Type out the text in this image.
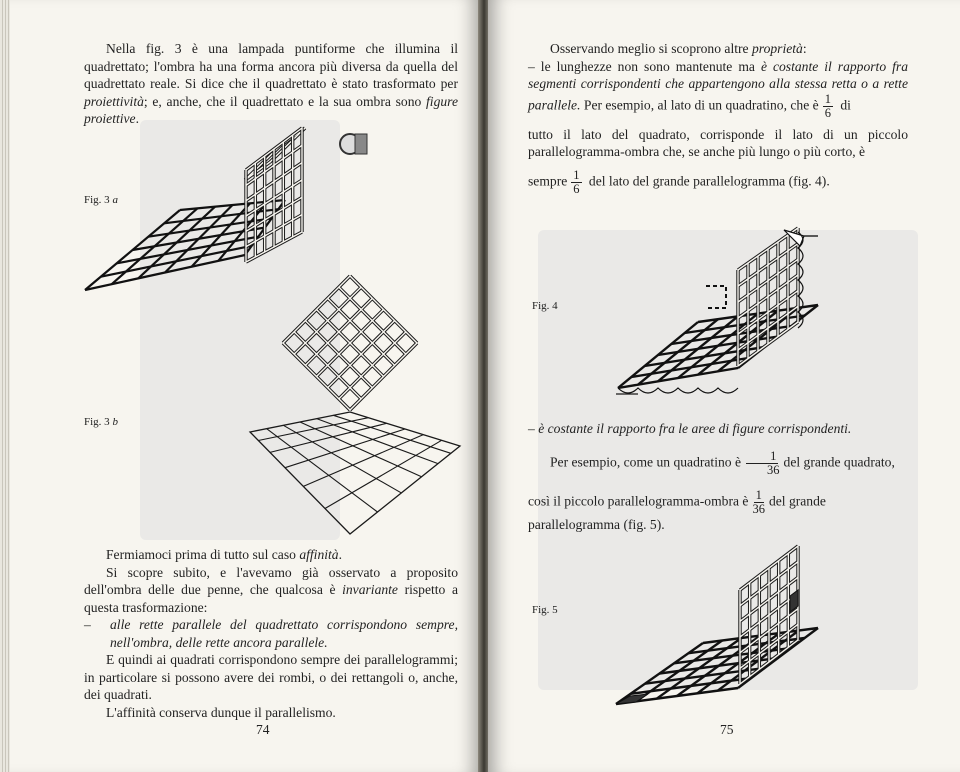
Nella fig. 3 è una lampada puntiforme che illumina il quadrettato; l'ombra ha una forma ancora più diversa da quella del quadrettato reale. Si dice che il quadrettato è stato trasformato per proiettività; e, anche, che il quadrettato e la sua ombra sono figure proiettive.

Fig. 3 a
Fig. 3 b

Fermiamoci prima di tutto sul caso affinità.

Si scopre subito, e l'avevamo già osservato a proposito dell'ombra delle due penne, che qualcosa è invariante rispetto a questa trasformazione:

–	alle rette parallele del quadrettato corrispondono sempre, nell'ombra, delle rette ancora parallele.

E quindi ai quadrati corrispondono sempre dei parallelogrammi; in particolare si possono avere dei rombi, o dei rettangoli o, anche, dei quadrati.

L'affinità conserva dunque il parallelismo.

74

Osservando meglio si scoprono altre proprietà:

– le lunghezze non sono mantenute ma è costante il rapporto fra segmenti corrispondenti che appartengono alla stessa retta o a rette parallele. Per esempio, al lato di un quadratino, che è $\frac{1}{6}$ di

tutto il lato del quadrato, corrisponde il lato di un piccolo parallelogramma-ombra che, se anche più lungo o più corto, è

sempre $\frac{1}{6}$ del lato del grande parallelogramma (fig. 4).

Fig. 4
– è costante il rapporto fra le aree di figure corrispondenti.

Per esempio, come un quadratino è $\frac{1}{36}$ del grande quadrato,

così il piccolo parallelogramma-ombra è $\frac{1}{36}$ del grande parallelogramma (fig. 5).

Fig. 5
75
